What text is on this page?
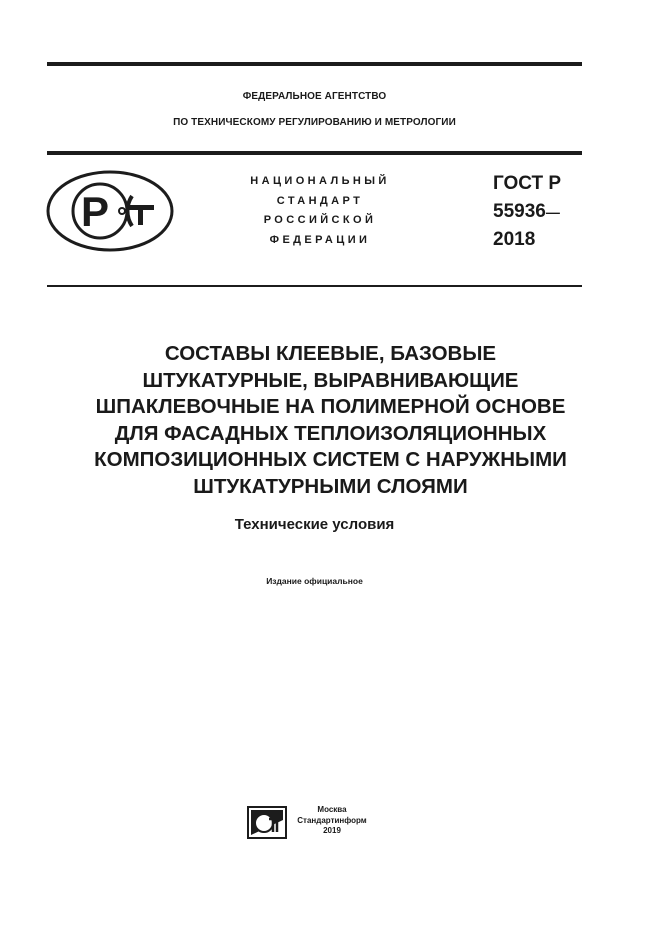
ФЕДЕРАЛЬНОЕ АГЕНТСТВО
ПО ТЕХНИЧЕСКОМУ РЕГУЛИРОВАНИЮ И МЕТРОЛОГИИ
Р
НАЦИОНАЛЬНЫЙ
СТАНДАРТ
РОССИЙСКОЙ
ФЕДЕРАЦИИ
ГОСТ Р
55936—
2018
СОСТАВЫ КЛЕЕВЫЕ, БАЗОВЫЕ
ШТУКАТУРНЫЕ, ВЫРАВНИВАЮЩИЕ
ШПАКЛЕВОЧНЫЕ НА ПОЛИМЕРНОЙ ОСНОВЕ
ДЛЯ ФАСАДНЫХ ТЕПЛОИЗОЛЯЦИОННЫХ
КОМПОЗИЦИОННЫХ СИСТЕМ С НАРУЖНЫМИ
ШТУКАТУРНЫМИ СЛОЯМИ
Технические условия
Издание официальное
Москва
Стандартинформ
2019
